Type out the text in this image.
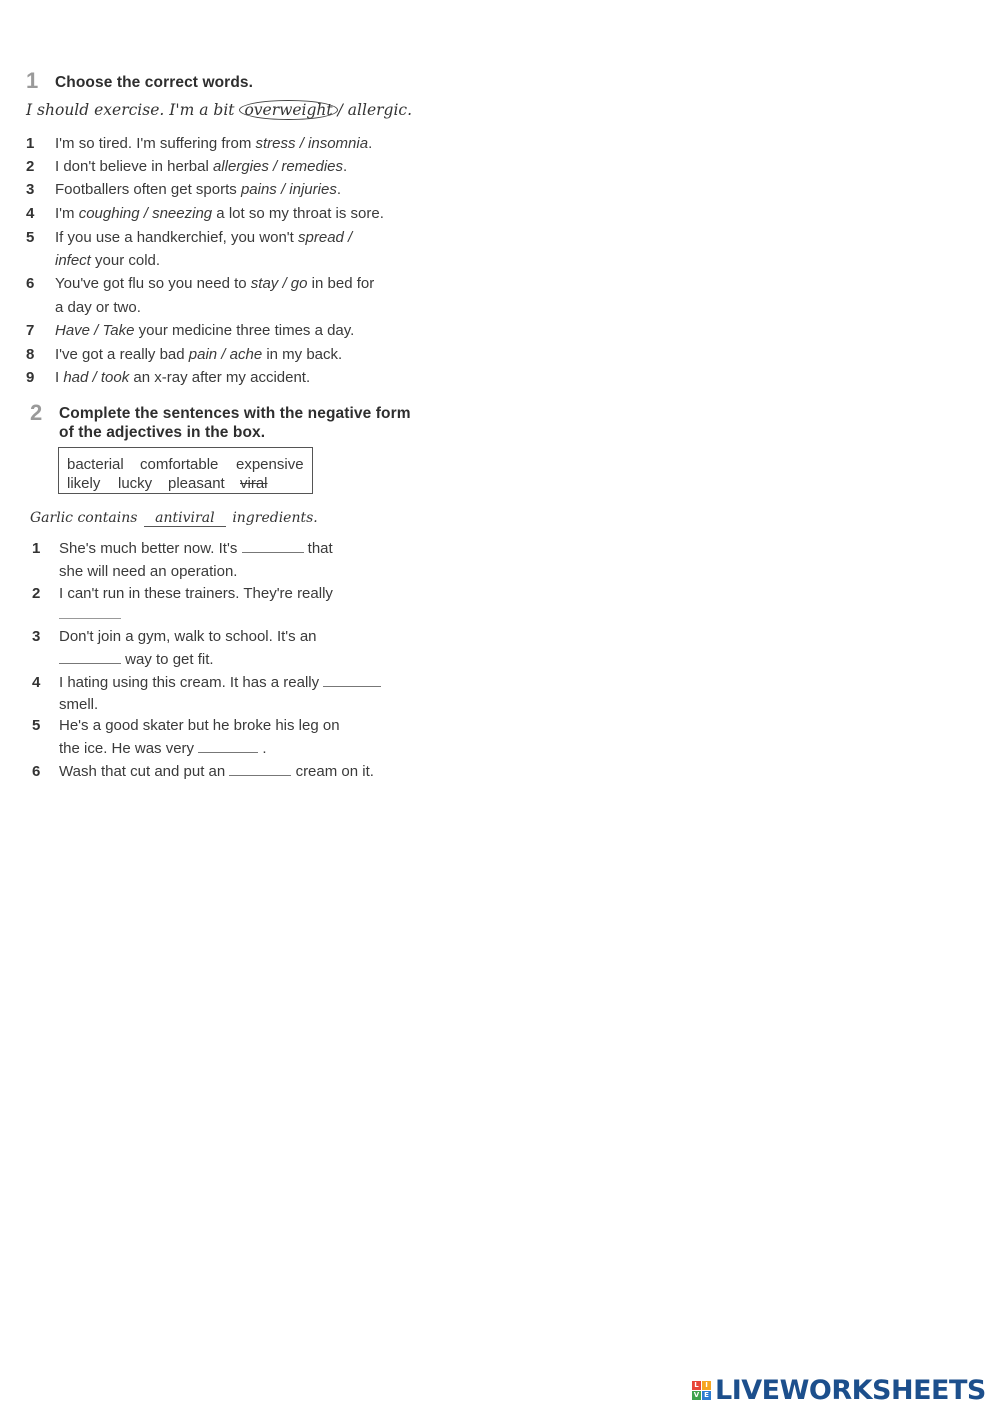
1 Choose the correct words.
I should exercise. I'm a bit overweight / allergic.
1 I'm so tired. I'm suffering from stress / insomnia.
2 I don't believe in herbal allergies / remedies.
3 Footballers often get sports pains / injuries.
4 I'm coughing / sneezing a lot so my throat is sore.
5 If you use a handkerchief, you won't spread /
infect your cold.
6 You've got flu so you need to stay / go in bed for
a day or two.
7 Have / Take your medicine three times a day.
8 I've got a really bad pain / ache in my back.
9 I had / took an x-ray after my accident.
2 Complete the sentences with the negative form
of the adjectives in the box.
bacterial comfortable expensive
likely lucky pleasant viral
Garlic contains antiviral ingredients.
1 She's much better now. It's	that
she will need an operation.
2 I can't run in these trainers. They're really
3 Don't join a gym, walk to school. It's an
way to get fit.
4 I hating using this cream. It has a really
smell.
5 He's a good skater but he broke his leg on
the ice. He was very	.
6 Wash that cut and put an	cream on it.
L I
V E LIVEWORKSHEETS
